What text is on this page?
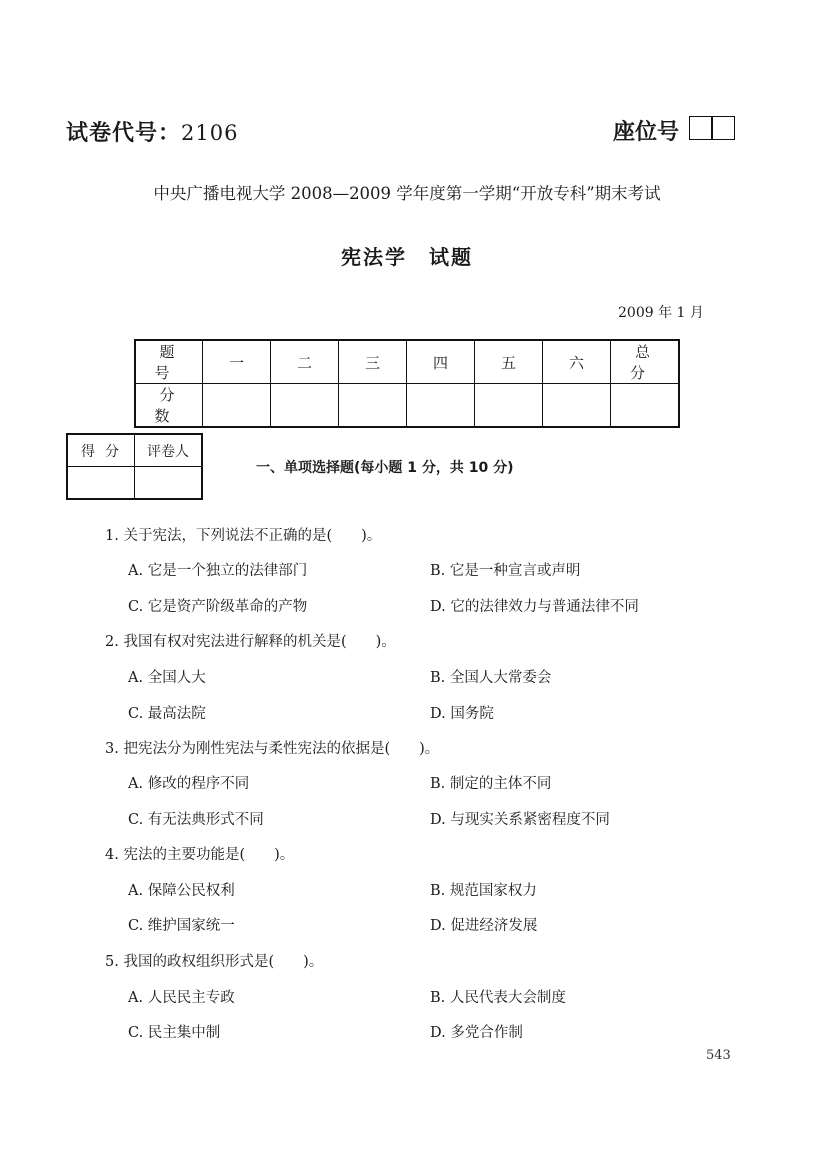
试卷代号：2106	座位号
中央广播电视大学 2008—2009 学年度第一学期“开放专科”期末考试
宪法学　试题
2009 年 1 月
题号	一	二	三	四	五	六	总分
分数							
得分	评卷人

一、单项选择题(每小题 1 分，共 10 分)
1. 关于宪法，下列说法不正确的是(　　)。
A. 它是一个独立的法律部门	B. 它是一种宣言或声明
C. 它是资产阶级革命的产物	D. 它的法律效力与普通法律不同
2. 我国有权对宪法进行解释的机关是(　　)。
A. 全国人大	B. 全国人大常委会
C. 最高法院	D. 国务院
3. 把宪法分为刚性宪法与柔性宪法的依据是(　　)。
A. 修改的程序不同	B. 制定的主体不同
C. 有无法典形式不同	D. 与现实关系紧密程度不同
4. 宪法的主要功能是(　　)。
A. 保障公民权利	B. 规范国家权力
C. 维护国家统一	D. 促进经济发展
5. 我国的政权组织形式是(　　)。
A. 人民民主专政	B. 人民代表大会制度
C. 民主集中制	D. 多党合作制
543
